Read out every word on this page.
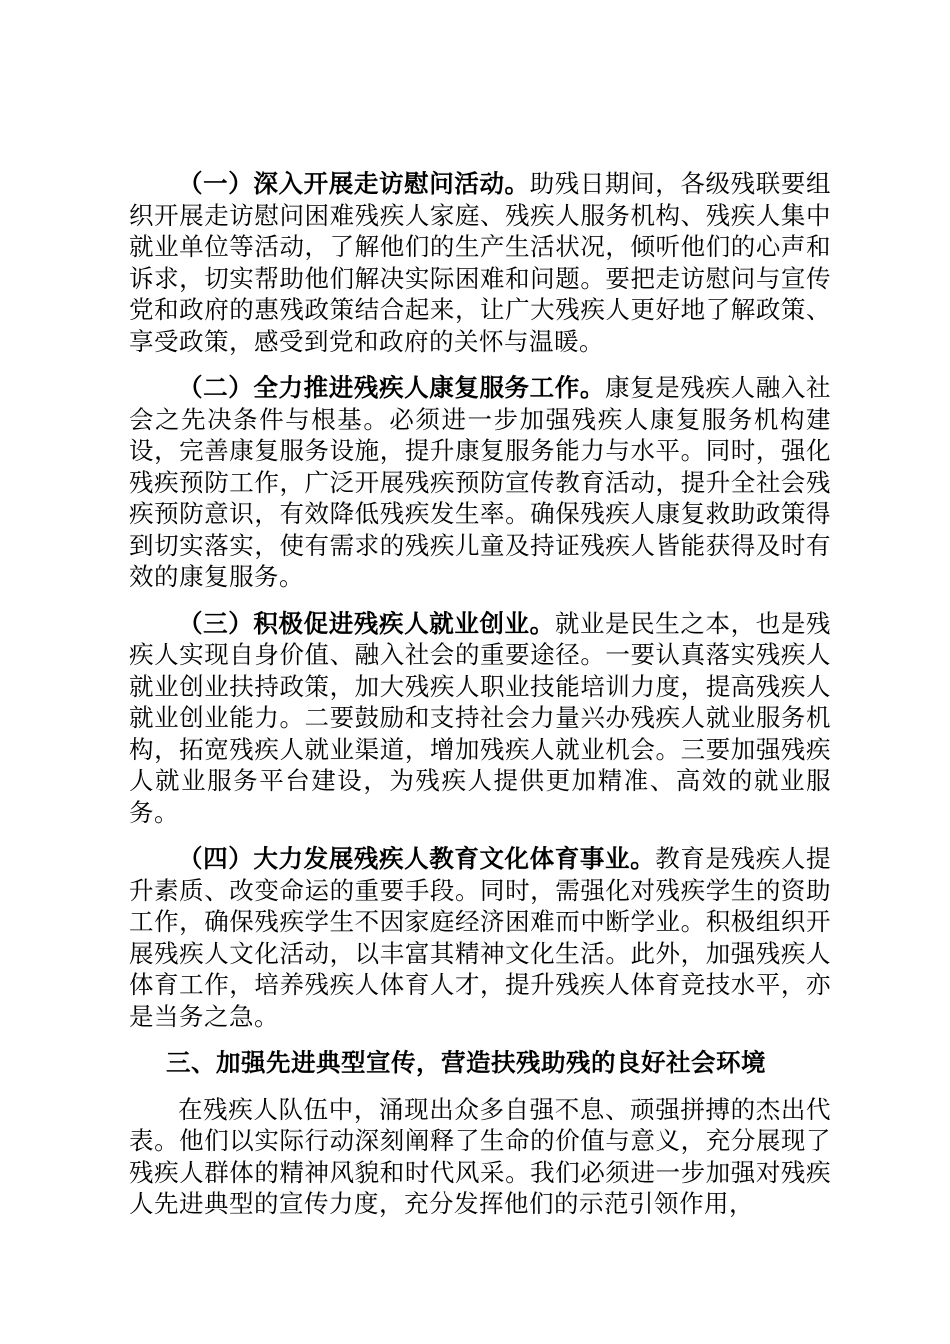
（一）深入开展走访慰问活动。助残日期间，各级残联要组织开展走访慰问困难残疾人家庭、残疾人服务机构、残疾人集中就业单位等活动，了解他们的生产生活状况，倾听他们的心声和诉求，切实帮助他们解决实际困难和问题。要把走访慰问与宣传党和政府的惠残政策结合起来，让广大残疾人更好地了解政策、享受政策，感受到党和政府的关怀与温暖。

（二）全力推进残疾人康复服务工作。康复是残疾人融入社会之先决条件与根基。必须进一步加强残疾人康复服务机构建设，完善康复服务设施，提升康复服务能力与水平。同时，强化残疾预防工作，广泛开展残疾预防宣传教育活动，提升全社会残疾预防意识，有效降低残疾发生率。确保残疾人康复救助政策得到切实落实，使有需求的残疾儿童及持证残疾人皆能获得及时有效的康复服务。

（三）积极促进残疾人就业创业。就业是民生之本，也是残疾人实现自身价值、融入社会的重要途径。一要认真落实残疾人就业创业扶持政策，加大残疾人职业技能培训力度，提高残疾人就业创业能力。二要鼓励和支持社会力量兴办残疾人就业服务机构，拓宽残疾人就业渠道，增加残疾人就业机会。三要加强残疾人就业服务平台建设，为残疾人提供更加精准、高效的就业服务。

（四）大力发展残疾人教育文化体育事业。教育是残疾人提升素质、改变命运的重要手段。同时，需强化对残疾学生的资助工作，确保残疾学生不因家庭经济困难而中断学业。积极组织开展残疾人文化活动，以丰富其精神文化生活。此外，加强残疾人体育工作，培养残疾人体育人才，提升残疾人体育竞技水平，亦是当务之急。

三、加强先进典型宣传，营造扶残助残的良好社会环境

在残疾人队伍中，涌现出众多自强不息、顽强拼搏的杰出代表。他们以实际行动深刻阐释了生命的价值与意义，充分展现了残疾人群体的精神风貌和时代风采。我们必须进一步加强对残疾人先进典型的宣传力度，充分发挥他们的示范引领作用，
